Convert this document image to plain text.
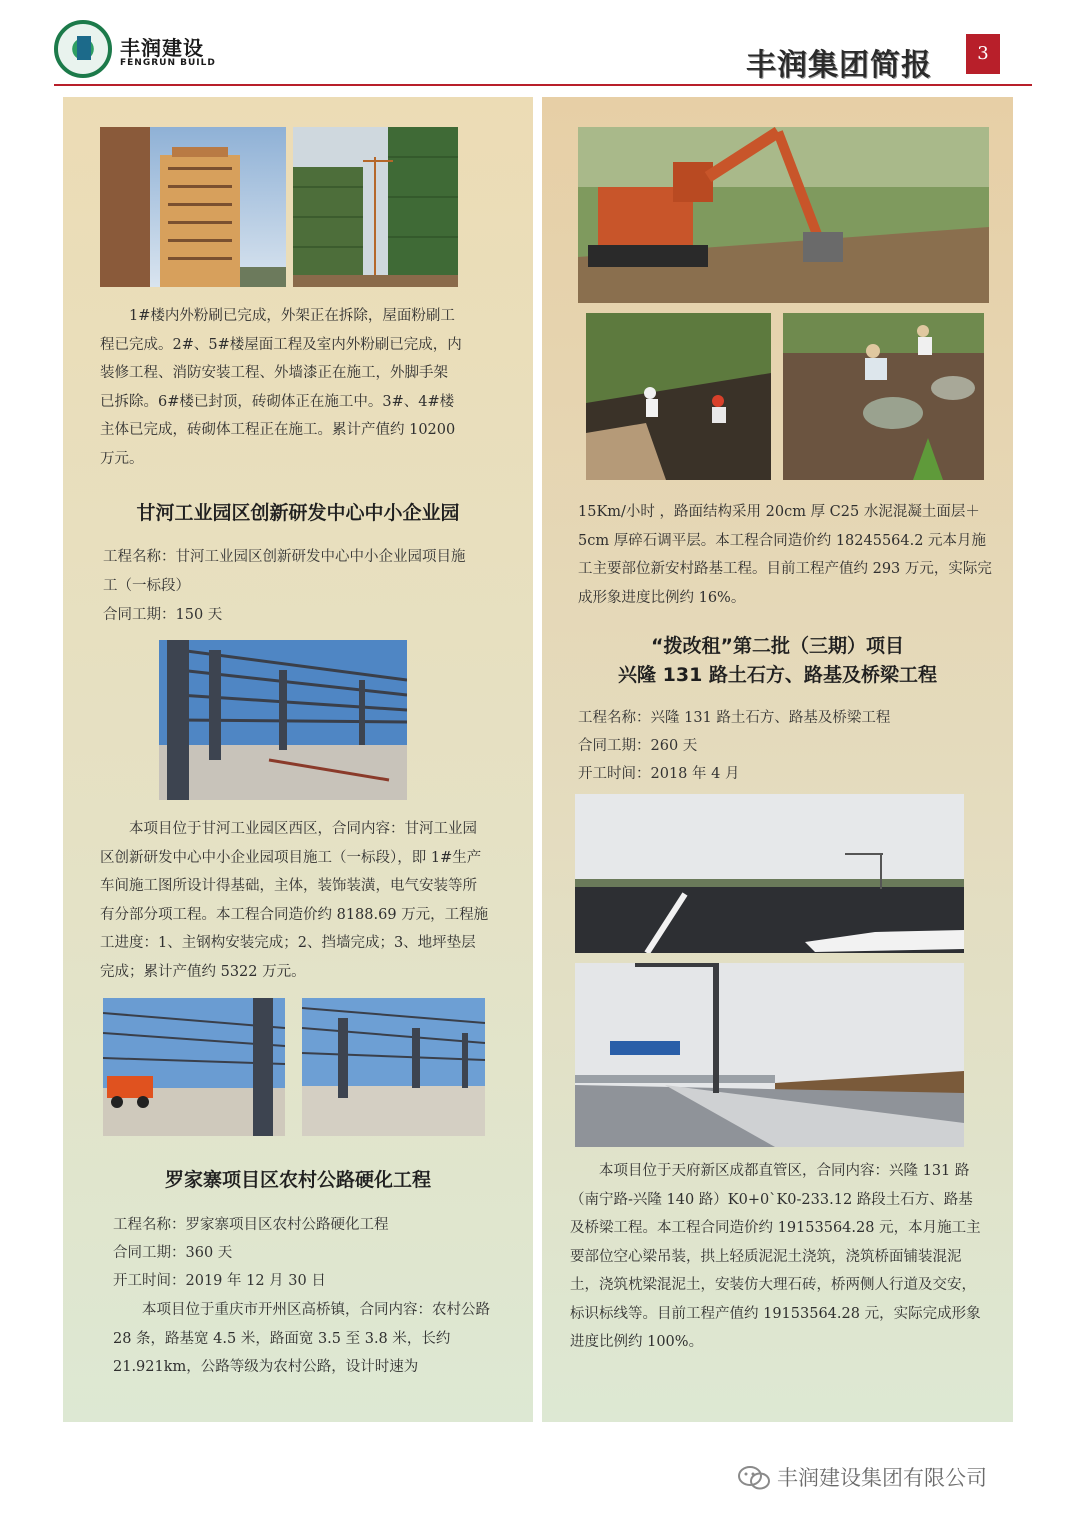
丰润建设
FENGRUN BUILD	丰润集团简报	3

1#楼内外粉刷已完成，外架正在拆除，屋面粉刷工程已完成。2#、5#楼屋面工程及室内外粉刷已完成，内装修工程、消防安装工程、外墙漆正在施工，外脚手架已拆除。6#楼已封顶，砖砌体正在施工中。3#、4#楼主体已完成，砖砌体工程正在施工。累计产值约 10200 万元。

甘河工业园区创新研发中心中小企业园
工程名称：甘河工业园区创新研发中心中小企业园项目施工（一标段）
合同工期：150 天

本项目位于甘河工业园区西区，合同内容：甘河工业园区创新研发中心中小企业园项目施工（一标段），即 1#生产车间施工图所设计得基础，主体，装饰装潢，电气安装等所有分部分项工程。本工程合同造价约 8188.69 万元，工程施工进度：1、主钢构安装完成；2、挡墙完成；3、地坪垫层完成；累计产值约 5322 万元。

罗家寨项目区农村公路硬化工程
工程名称：罗家寨项目区农村公路硬化工程
合同工期：360 天
开工时间：2019 年 12 月 30 日

本项目位于重庆市开州区高桥镇，合同内容：农村公路 28 条，路基宽 4.5 米，路面宽 3.5 至 3.8 米，长约 21.921km，公路等级为农村公路，设计时速为

15Km/小时 ，路面结构采用 20cm 厚 C25 水泥混凝土面层＋5cm 厚碎石调平层。本工程合同造价约 18245564.2 元本月施工主要部位新安村路基工程。目前工程产值约 293 万元，实际完成形象进度比例约 16%。

“拨改租”第二批（三期）项目
兴隆 131 路土石方、路基及桥梁工程
工程名称：兴隆 131 路土石方、路基及桥梁工程
合同工期：260 天
开工时间：2018 年 4 月

本项目位于天府新区成都直管区，合同内容：兴隆 131 路（南宁路-兴隆 140 路）K0+0`K0-233.12 路段土石方、路基及桥梁工程。本工程合同造价约 19153564.28 元，本月施工主要部位空心梁吊装，拱上轻质泥泥土浇筑，浇筑桥面铺装混泥土，浇筑枕梁混泥土，安装仿大理石砖，桥两侧人行道及交安，标识标线等。目前工程产值约 19153564.28 元，实际完成形象进度比例约 100%。

丰润建设集团有限公司
